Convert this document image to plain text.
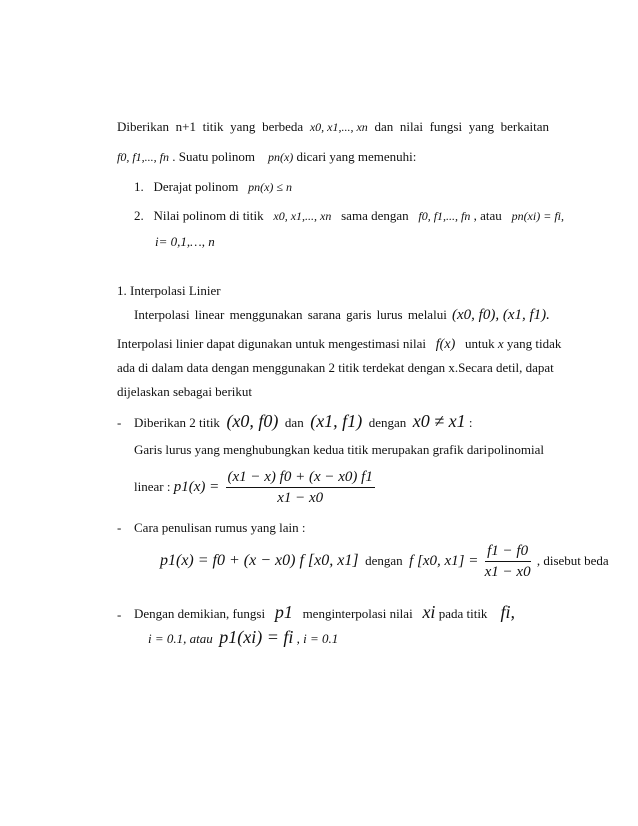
Diberikan n+1 titik yang berbeda x0, x1,..., xn dan nilai fungsi yang berkaitan
f0, f1,..., fn . Suatu polinom pn(x) dicari yang memenuhi:
1. Derajat polinom pn(x) ≤ n
2. Nilai polinom di titik x0, x1,..., xn sama dengan f0, f1,..., fn , atau pn(xi) = fi,
i= 0,1,…, n
1. Interpolasi Linier
Interpolasi linear menggunakan sarana garis lurus melalui (x0, f0), (x1, f1).
Interpolasi linier dapat digunakan untuk mengestimasi nilai f(x) untuk x yang tidak
ada di dalam data dengan menggunakan 2 titik terdekat dengan x.Secara detil, dapat
dijelaskan sebagai berikut
- Diberikan 2 titik (x0, f0) dan (x1, f1) dengan x0 ≠ x1 :
Garis lurus yang menghubungkan kedua titik merupakan grafik dari polinomial
linear : $p1(x) = \frac{(x1 - x) f0 + (x - x0) f1}{x1 - x0}$
- Cara penulisan rumus yang lain :
p1(x) = f0 + (x − x0) f [x0, x1] dengan f [x0, $x1] = \frac{f1 - f0}{x1 - x0}$ , disebut beda
- Dengan demikian, fungsi p1 menginterpolasi nilai xi pada titik fi,
i = 0.1, atau p1(xi) = fi , i = 0.1
